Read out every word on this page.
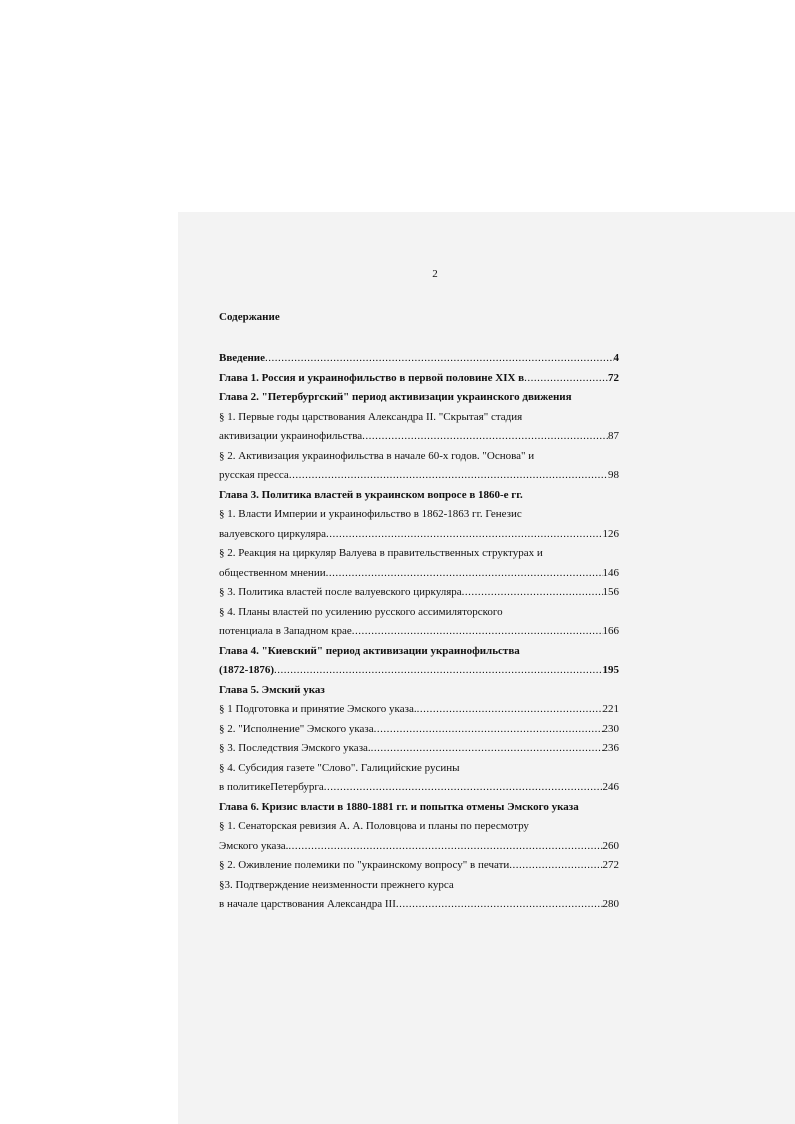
2
Содержание
Введение .....	4
Глава 1. Россия и украинофильство в первой половине XIX в .....	72
Глава 2. "Петербургский" период активизации украинского движения
§ 1. Первые годы царствования Александра II. "Скрытая" стадия
активизации украинофильства .....	87
§ 2. Активизация украинофильства в начале 60-х годов. "Основа" и
русская пресса .....	98
Глава 3. Политика властей в украинском вопросе в 1860-е гг.
§ 1. Власти Империи и украинофильство в 1862-1863 гг. Генезис
валуевского циркуляра .....	126
§ 2. Реакция на циркуляр Валуева в правительственных структурах и
общественном мнении .....	146
§ 3. Политика властей после валуевского циркуляра .....	156
§ 4. Планы властей по усилению русского ассимиляторского
потенциала в Западном крае .....	166
Глава 4. "Киевский" период активизации украинофильства
(1872-1876) .....	195
Глава 5. Эмский указ
§ 1 Подготовка и принятие Эмского указа. .....	221
§ 2. "Исполнение" Эмского указа .....	230
§ 3. Последствия Эмского указа. .....	236
§ 4. Субсидия газете "Слово". Галицийские русины
в политикеПетербурга .....	246
Глава 6. Кризис власти в 1880-1881 гг. и попытка отмены Эмского указа
§ 1. Сенаторская ревизия А. А. Половцова и планы по пересмотру
Эмского указа. .....	260
§ 2. Оживление полемики по "украинскому вопросу" в печати .....	272
§3. Подтверждение неизменности прежнего курса
в начале царствования Александра III .....	280
